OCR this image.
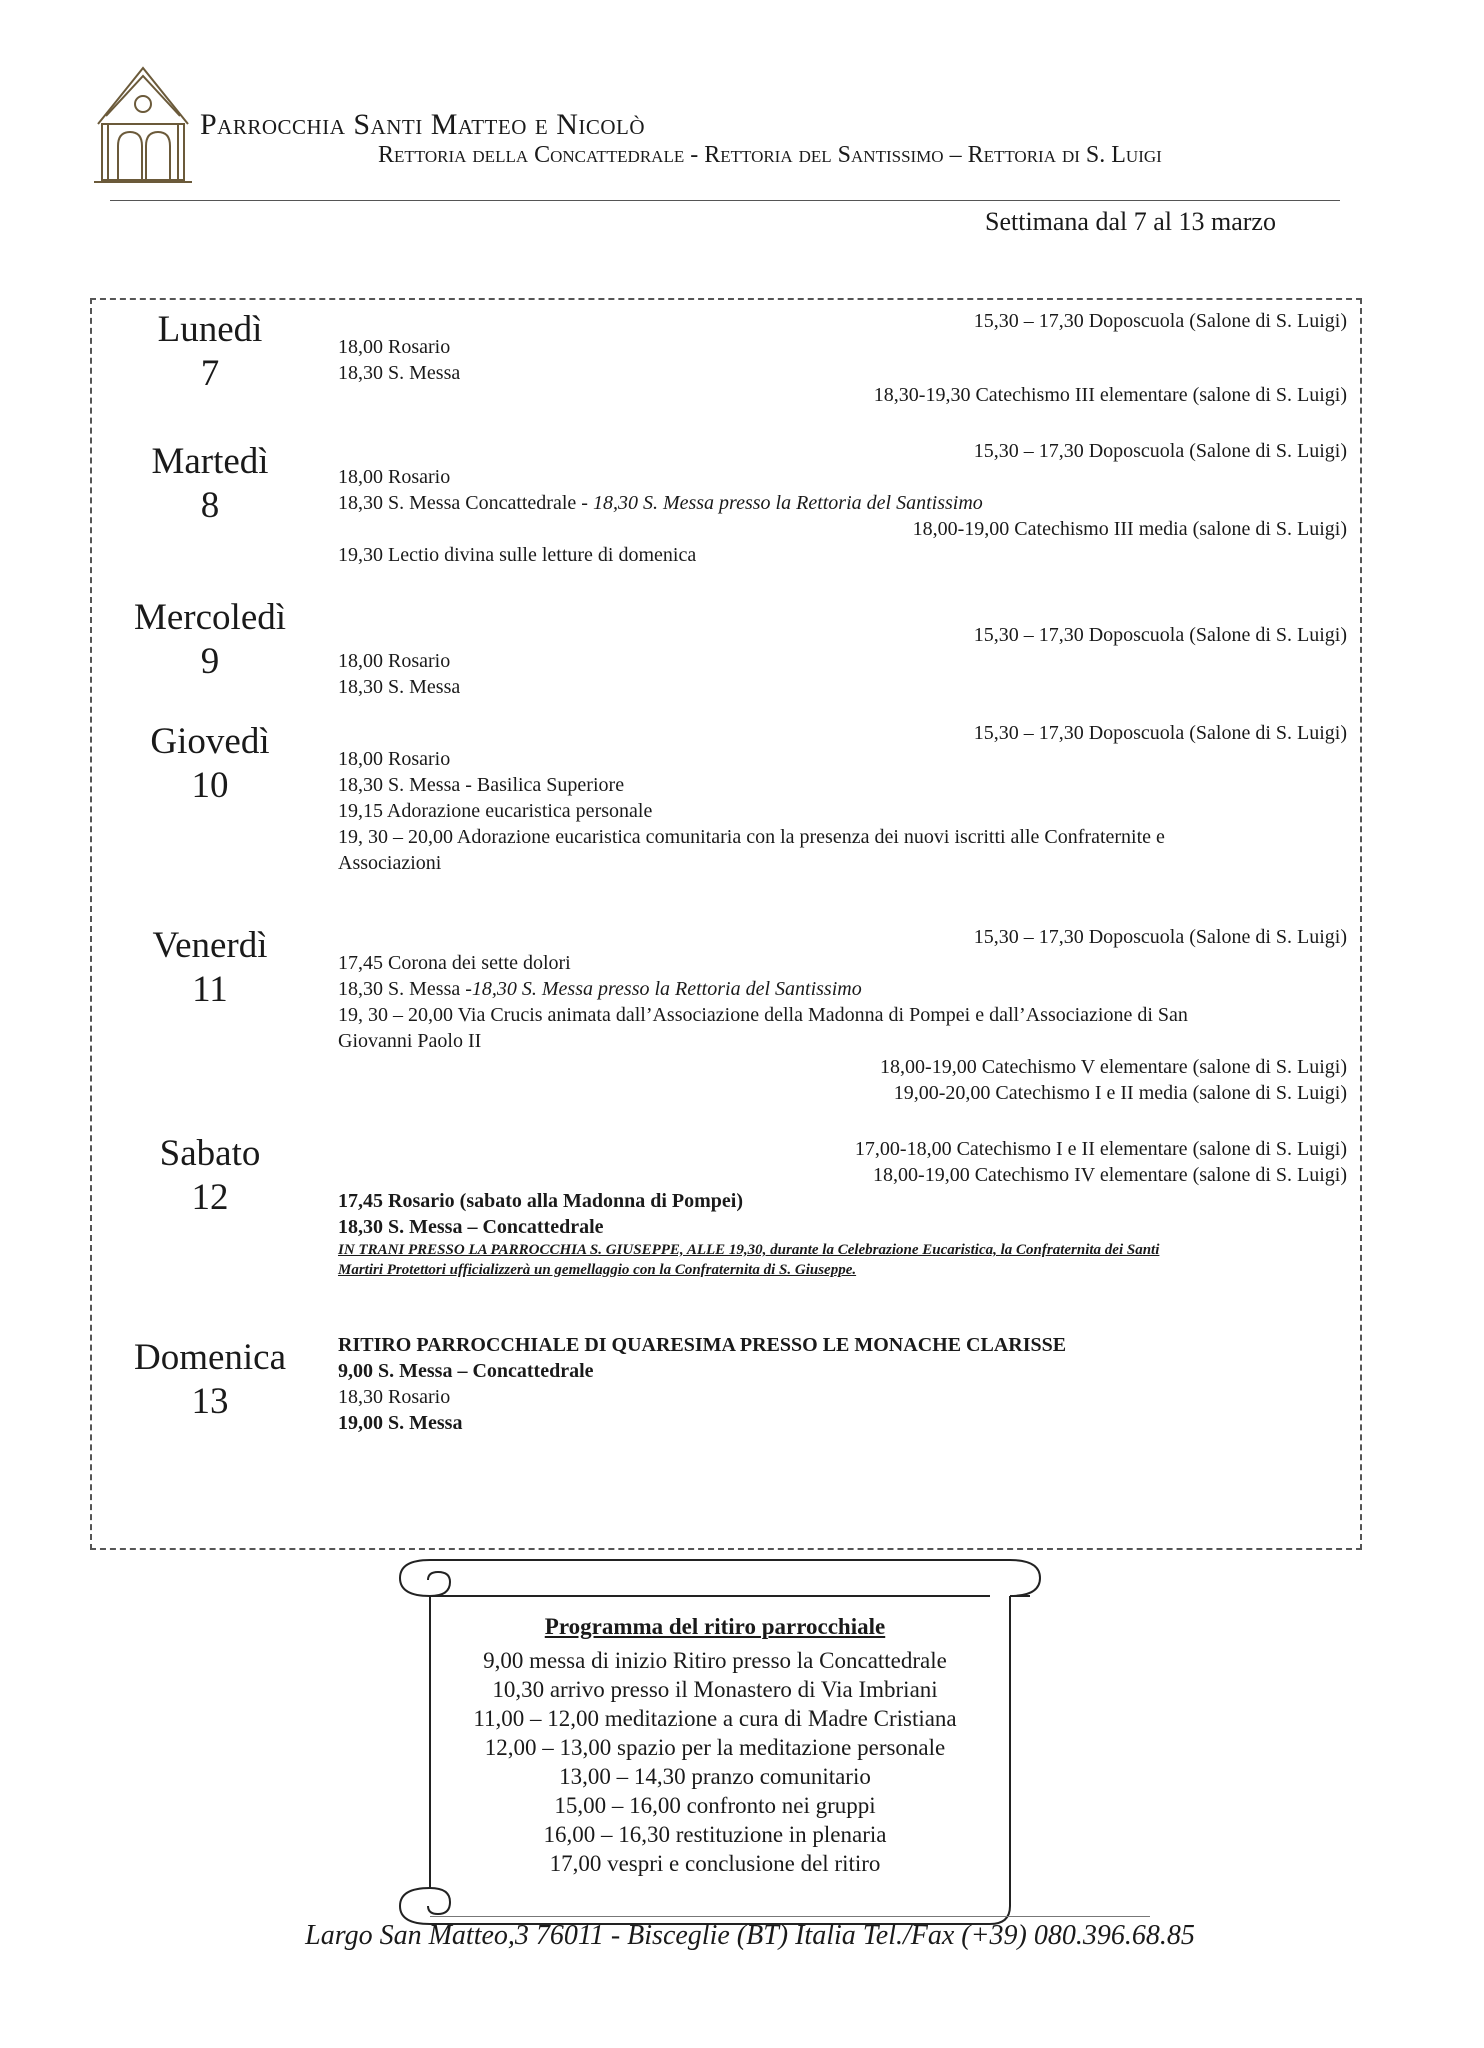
Parrocchia Santi Matteo e Nicolò
Rettoria della Concattedrale - Rettoria del Santissimo – Rettoria di S. Luigi
Settimana dal 7 al 13 marzo
Lunedì
7
15,30 – 17,30 Doposcuola (Salone di S. Luigi)
18,00 Rosario
18,30 S. Messa
18,30-19,30 Catechismo III elementare (salone di S. Luigi)
Martedì
8
15,30 – 17,30 Doposcuola (Salone di S. Luigi)
18,00 Rosario
18,30 S. Messa Concattedrale - 18,30 S. Messa presso la Rettoria del Santissimo
18,00-19,00 Catechismo III media (salone di S. Luigi)
19,30 Lectio divina sulle letture di domenica
Mercoledì
9
15,30 – 17,30 Doposcuola (Salone di S. Luigi)
18,00 Rosario
18,30 S. Messa
Giovedì
10
15,30 – 17,30 Doposcuola (Salone di S. Luigi)
18,00 Rosario
18,30 S. Messa - Basilica Superiore
19,15 Adorazione eucaristica personale
19, 30 – 20,00 Adorazione eucaristica comunitaria con la presenza dei nuovi iscritti alle Confraternite e
Associazioni
Venerdì
11
15,30 – 17,30 Doposcuola (Salone di S. Luigi)
17,45 Corona dei sette dolori
18,30 S. Messa -18,30 S. Messa presso la Rettoria del Santissimo
19, 30 – 20,00 Via Crucis animata dall’Associazione della Madonna di Pompei e dall’Associazione di San
Giovanni Paolo II
18,00-19,00 Catechismo V elementare (salone di S. Luigi)
19,00-20,00 Catechismo I e II media (salone di S. Luigi)
Sabato
12
17,00-18,00 Catechismo I e II elementare (salone di S. Luigi)
18,00-19,00 Catechismo IV elementare (salone di S. Luigi)
17,45 Rosario (sabato alla Madonna di Pompei)
18,30 S. Messa – Concattedrale
IN TRANI PRESSO LA PARROCCHIA S. GIUSEPPE, ALLE 19,30, durante la Celebrazione Eucaristica, la Confraternita dei Santi
Martiri Protettori ufficializzerà un gemellaggio con la Confraternita di S. Giuseppe.
Domenica
13
RITIRO PARROCCHIALE DI QUARESIMA PRESSO LE MONACHE CLARISSE
9,00 S. Messa – Concattedrale
18,30 Rosario
19,00 S. Messa
Programma del ritiro parrocchiale
9,00 messa di inizio Ritiro presso la Concattedrale
10,30 arrivo presso il Monastero di Via Imbriani
11,00 – 12,00 meditazione a cura di Madre Cristiana
12,00 – 13,00 spazio per la meditazione personale
13,00 – 14,30 pranzo comunitario
15,00 – 16,00 confronto nei gruppi
16,00 – 16,30 restituzione in plenaria
17,00 vespri e conclusione del ritiro
Largo San Matteo,3 76011 - Bisceglie (BT) Italia Tel./Fax (+39) 080.396.68.85
